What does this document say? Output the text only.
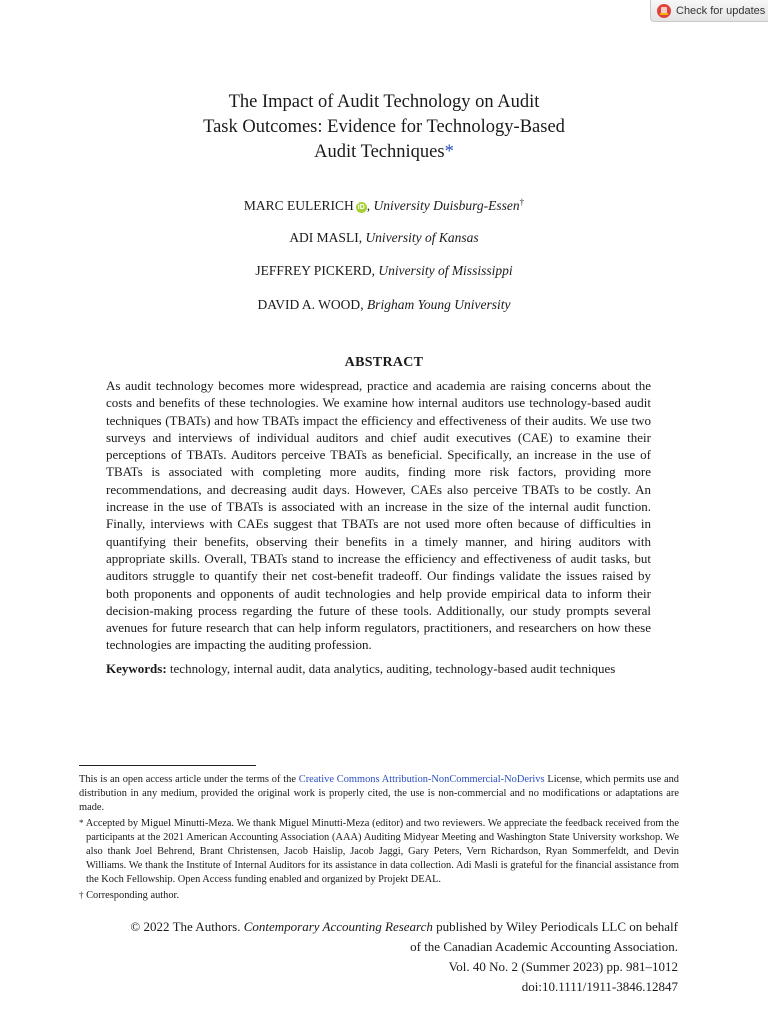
Check for updates
The Impact of Audit Technology on Audit
Task Outcomes: Evidence for Technology-Based
Audit Techniques*
MARC EULERICH iD , University Duisburg-Essen†
ADI MASLI, University of Kansas
JEFFREY PICKERD, University of Mississippi
DAVID A. WOOD, Brigham Young University
ABSTRACT

As audit technology becomes more widespread, practice and academia are raising concerns about the costs and benefits of these technologies. We examine how internal auditors use technology-based audit techniques (TBATs) and how TBATs impact the efficiency and effectiveness of their audits. We use two surveys and interviews of individual auditors and chief audit executives (CAE) to examine their perceptions of TBATs. Auditors perceive TBATs as beneficial. Specifically, an increase in the use of TBATs is associated with completing more audits, finding more risk factors, providing more recommendations, and decreasing audit days. However, CAEs also perceive TBATs to be costly. An increase in the use of TBATs is associated with an increase in the size of the internal audit function. Finally, interviews with CAEs suggest that TBATs are not used more often because of difficulties in quantifying their benefits, observing their benefits in a timely manner, and hiring auditors with appropriate skills. Overall, TBATs stand to increase the efficiency and effectiveness of audit tasks, but auditors struggle to quantify their net cost-benefit tradeoff. Our findings validate the issues raised by both proponents and opponents of audit technologies and help provide empirical data to inform their decision-making process regarding the future of these tools. Additionally, our study prompts several avenues for future research that can help inform regulators, practitioners, and researchers on how these technologies are impacting the auditing profession.

Keywords: technology, internal audit, data analytics, auditing, technology-based audit techniques

This is an open access article under the terms of the Creative Commons Attribution-NonCommercial-NoDerivs License, which permits use and distribution in any medium, provided the original work is properly cited, the use is non-commercial and no modifications or adaptations are made.

* Accepted by Miguel Minutti-Meza. We thank Miguel Minutti-Meza (editor) and two reviewers. We appreciate the feedback received from the participants at the 2021 American Accounting Association (AAA) Auditing Midyear Meeting and Washington State University workshop. We also thank Joel Behrend, Brant Christensen, Jacob Haislip, Jacob Jaggi, Gary Peters, Vern Richardson, Ryan Sommerfeldt, and Devin Williams. We thank the Institute of Internal Auditors for its assistance in data collection. Adi Masli is grateful for the financial assistance from the Koch Fellowship. Open Access funding enabled and organized by Projekt DEAL.

† Corresponding author.

© 2022 The Authors. Contemporary Accounting Research published by Wiley Periodicals LLC on behalf
of the Canadian Academic Accounting Association.
Vol. 40 No. 2 (Summer 2023) pp. 981–1012
doi:10.1111/1911-3846.12847
